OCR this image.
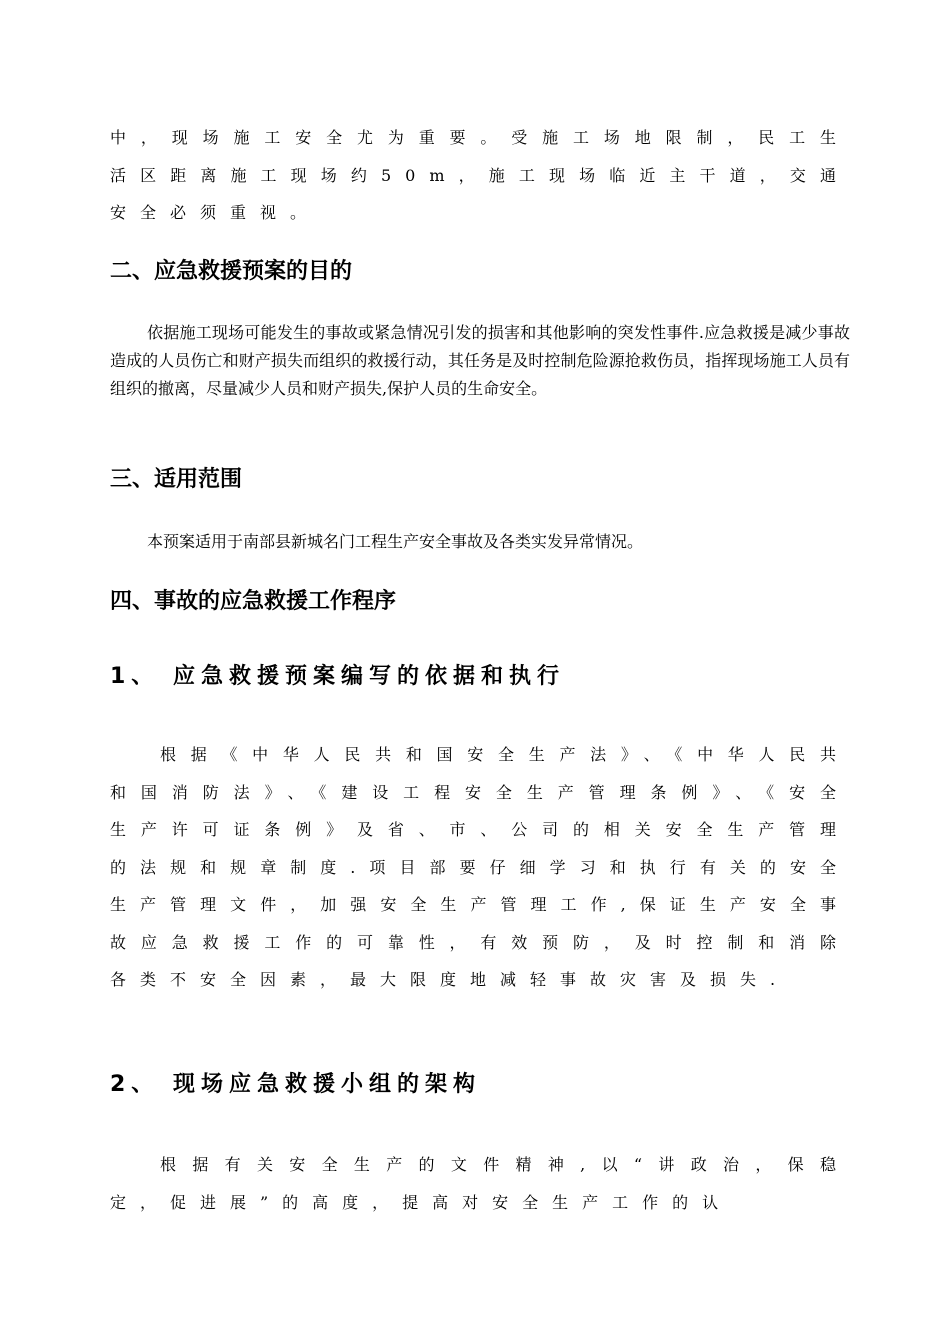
中，现场施工安全尤为重要。受施工场地限制，民工生活区距离施工现场约50m，施工现场临近主干道，交通安全必须重视。

二、应急救援预案的目的

依据施工现场可能发生的事故或紧急情况引发的损害和其他影响的突发性事件.应急救援是减少事故造成的人员伤亡和财产损失而组织的救援行动，其任务是及时控制危险源抢救伤员，指挥现场施工人员有组织的撤离，尽量减少人员和财产损失,保护人员的生命安全。

三、适用范围

本预案适用于南部县新城名门工程生产安全事故及各类实发异常情况。

四、事故的应急救援工作程序
1、 应急救援预案编写的依据和执行

根据《中华人民共和国安全生产法》、《中华人民共和国消防法》、《建设工程安全生产管理条例》、《安全生产许可证条例》及省、市、公司的相关安全生产管理的法规和规章制度.项目部要仔细学习和执行有关的安全生产管理文件，加强安全生产管理工作,保证生产安全事故应急救援工作的可靠性，有效预防，及时控制和消除各类不安全因素，最大限度地减轻事故灾害及损失.

2、 现场应急救援小组的架构

根据有关安全生产的文件精神,以“讲政治，保稳定，促进展”的高度，提高对安全生产工作的认
